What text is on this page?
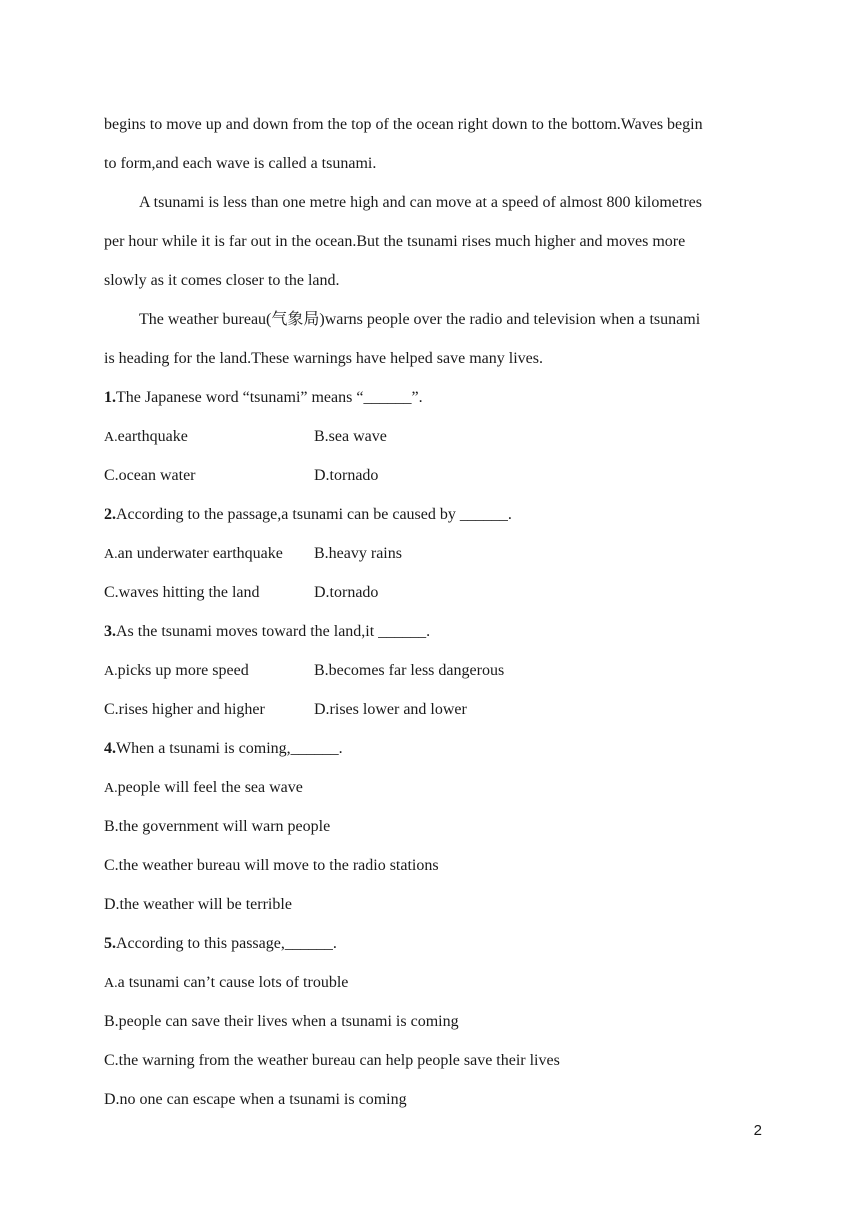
begins to move up and down from the top of the ocean right down to the bottom.Waves begin
to form,and each wave is called a tsunami.
A tsunami is less than one metre high and can move at a speed of almost 800 kilometres
per hour while it is far out in the ocean.But the tsunami rises much higher and moves more
slowly as it comes closer to the land.
The weather bureau(气象局)warns people over the radio and television when a tsunami
is heading for the land.These warnings have helped save many lives.
1.The Japanese word “tsunami” means “______”.
A.earthquake	B.sea wave
C.ocean water	D.tornado
2.According to the passage,a tsunami can be caused by ______.
A.an underwater earthquake	B.heavy rains
C.waves hitting the land	D.tornado
3.As the tsunami moves toward the land,it ______.
A.picks up more speed	B.becomes far less dangerous
C.rises higher and higher	D.rises lower and lower
4.When a tsunami is coming,______.
A.people will feel the sea wave
B.the government will warn people
C.the weather bureau will move to the radio stations
D.the weather will be terrible
5.According to this passage,______.
A.a tsunami can’t cause lots of trouble
B.people can save their lives when a tsunami is coming
C.the warning from the weather bureau can help people save their lives
D.no one can escape when a tsunami is coming
2
